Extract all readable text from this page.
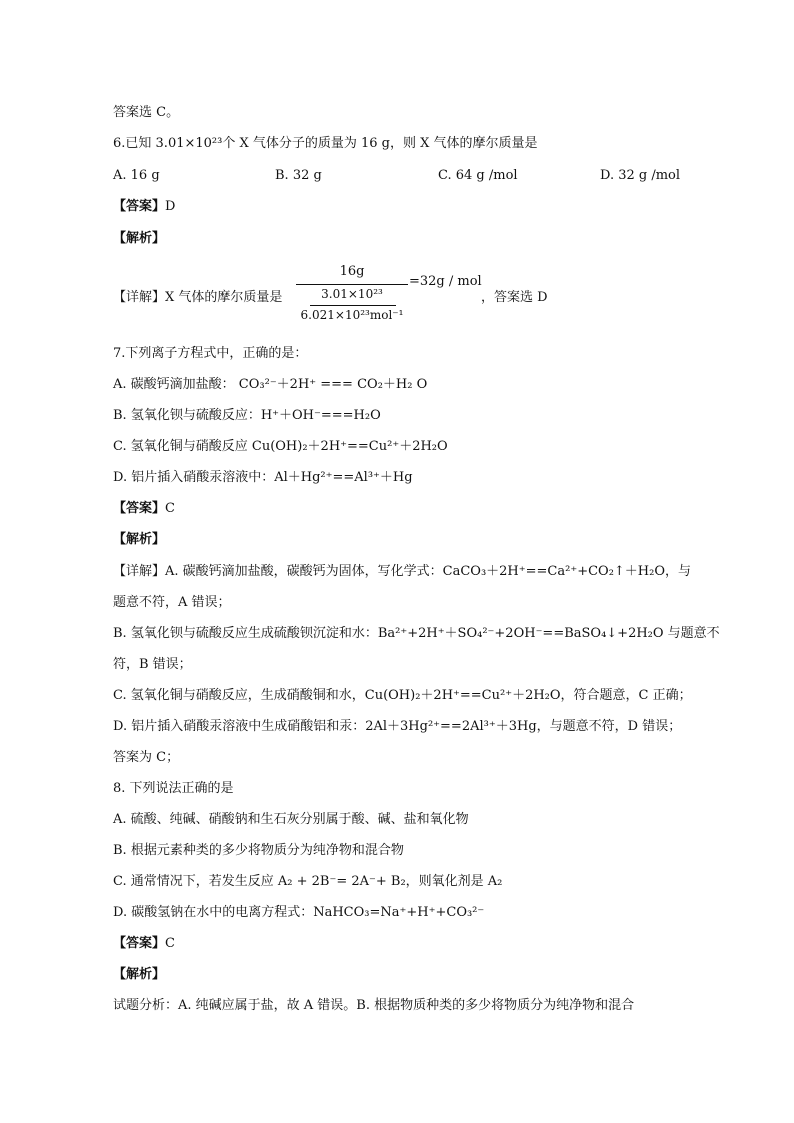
答案选 C。
6.已知 3.01×10²³个 X 气体分子的质量为 16 g，则 X 气体的摩尔质量是
A. 16 g	B. 32 g	C. 64 g /mol	D. 32 g /mol
【答案】D
【解析】
【详解】X 气体的摩尔质量是
16g
3.01×10²³
6.021×10²³mol⁻¹
=32g / mol
，答案选 D
7.下列离子方程式中，正确的是：
A. 碳酸钙滴加盐酸： CO₃²⁻＋2H⁺ === CO₂＋H₂ O
B. 氢氧化钡与硫酸反应：H⁺＋OH⁻===H₂O
C. 氢氧化铜与硝酸反应 Cu(OH)₂＋2H⁺==Cu²⁺＋2H₂O
D. 铝片插入硝酸汞溶液中：Al＋Hg²⁺==Al³⁺＋Hg
【答案】C
【解析】
【详解】A. 碳酸钙滴加盐酸，碳酸钙为固体，写化学式：CaCO₃＋2H⁺==Ca²⁺+CO₂↑＋H₂O，与
题意不符，A 错误；
B. 氢氧化钡与硫酸反应生成硫酸钡沉淀和水：Ba²⁺+2H⁺＋SO₄²⁻+2OH⁻==BaSO₄↓+2H₂O 与题意不
符，B 错误；
C. 氢氧化铜与硝酸反应，生成硝酸铜和水，Cu(OH)₂＋2H⁺==Cu²⁺＋2H₂O，符合题意，C 正确；
D. 铝片插入硝酸汞溶液中生成硝酸铝和汞：2Al＋3Hg²⁺==2Al³⁺＋3Hg，与题意不符，D 错误；
答案为 C；
8. 下列说法正确的是
A. 硫酸、纯碱、硝酸钠和生石灰分别属于酸、碱、盐和氧化物
B. 根据元素种类的多少将物质分为纯净物和混合物
C. 通常情况下，若发生反应 A₂ + 2B⁻= 2A⁻+ B₂，则氧化剂是 A₂
D. 碳酸氢钠在水中的电离方程式：NaHCO₃=Na⁺+H⁺+CO₃²⁻
【答案】C
【解析】
试题分析：A. 纯碱应属于盐，故 A 错误。B. 根据物质种类的多少将物质分为纯净物和混合
